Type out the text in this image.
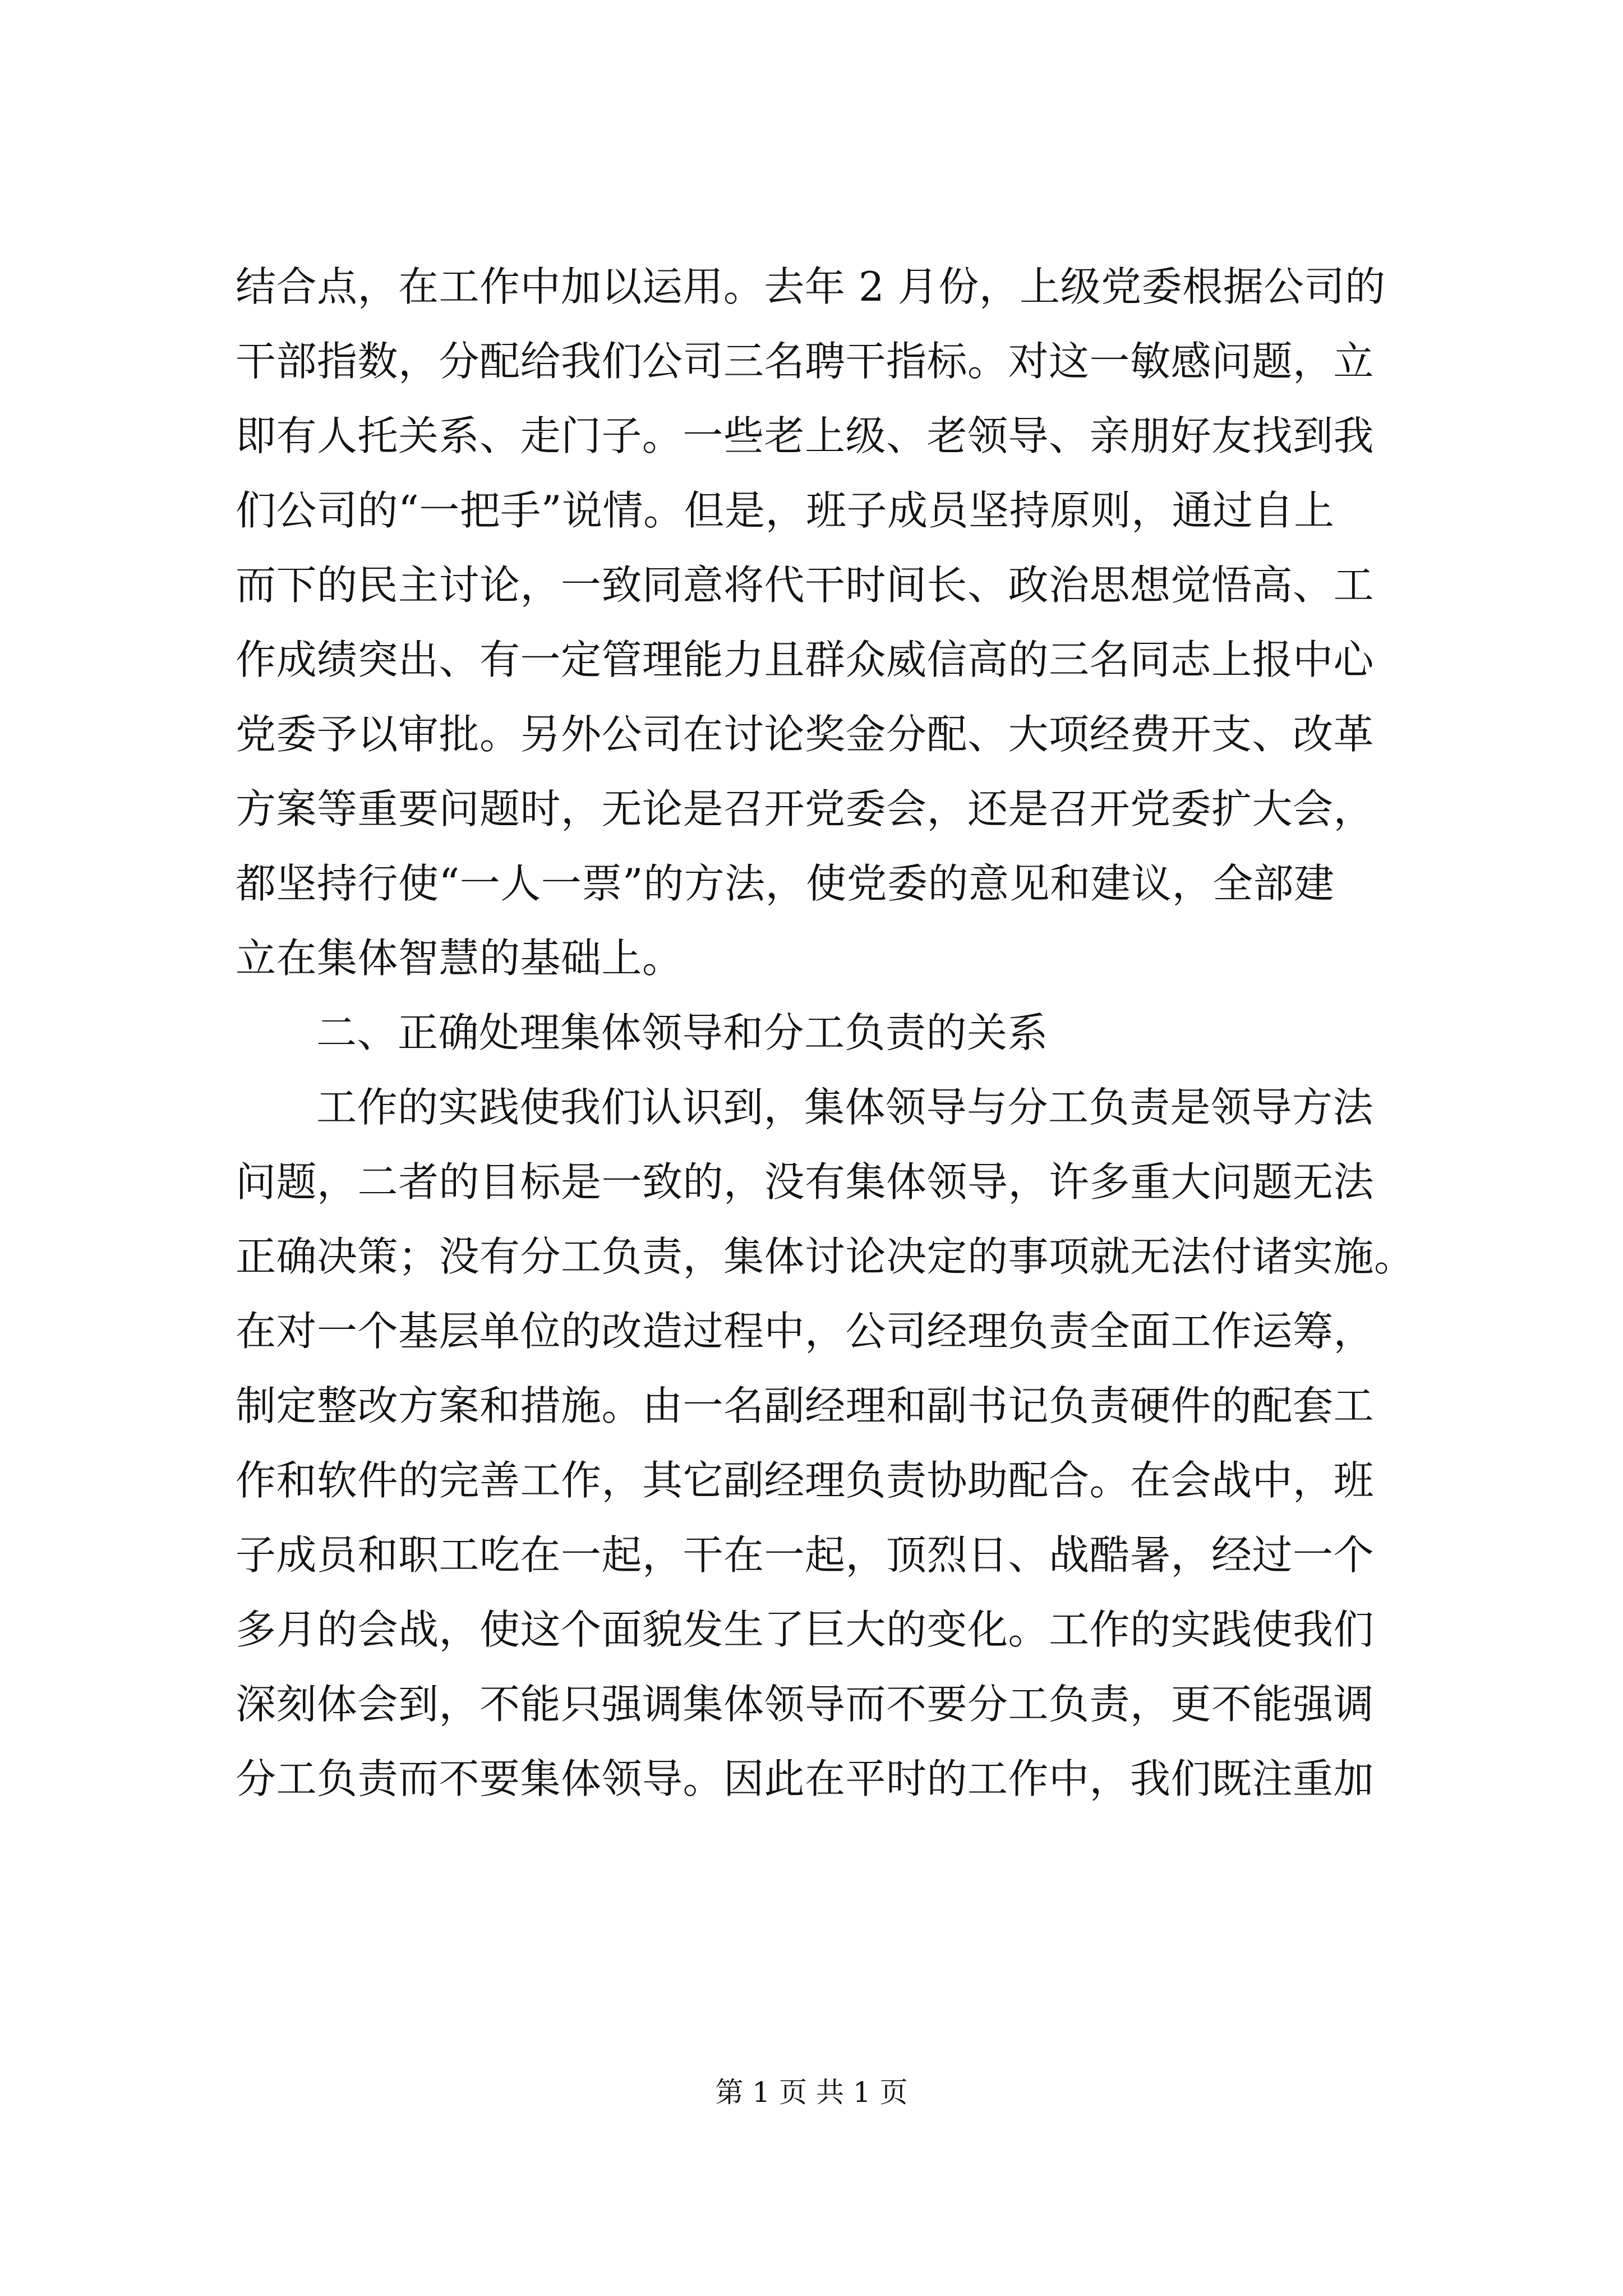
结合点，在工作中加以运用。去年 2 月份，上级党委根据公司的
干部指数，分配给我们公司三名聘干指标。对这一敏感问题，立
即有人托关系、走门子。一些老上级、老领导、亲朋好友找到我
们公司的“一把手”说情。但是，班子成员坚持原则，通过自上
而下的民主讨论，一致同意将代干时间长、政治思想觉悟高、工
作成绩突出、有一定管理能力且群众威信高的三名同志上报中心
党委予以审批。另外公司在讨论奖金分配、大项经费开支、改革
方案等重要问题时，无论是召开党委会，还是召开党委扩大会，
都坚持行使“一人一票”的方法，使党委的意见和建议，全部建
立在集体智慧的基础上。
二、正确处理集体领导和分工负责的关系
工作的实践使我们认识到，集体领导与分工负责是领导方法
问题，二者的目标是一致的，没有集体领导，许多重大问题无法
正确决策；没有分工负责，集体讨论决定的事项就无法付诸实施。
在对一个基层单位的改造过程中，公司经理负责全面工作运筹，
制定整改方案和措施。由一名副经理和副书记负责硬件的配套工
作和软件的完善工作，其它副经理负责协助配合。在会战中，班
子成员和职工吃在一起，干在一起，顶烈日、战酷暑，经过一个
多月的会战，使这个面貌发生了巨大的变化。工作的实践使我们
深刻体会到，不能只强调集体领导而不要分工负责，更不能强调
分工负责而不要集体领导。因此在平时的工作中，我们既注重加
第 1 页 共 1 页
